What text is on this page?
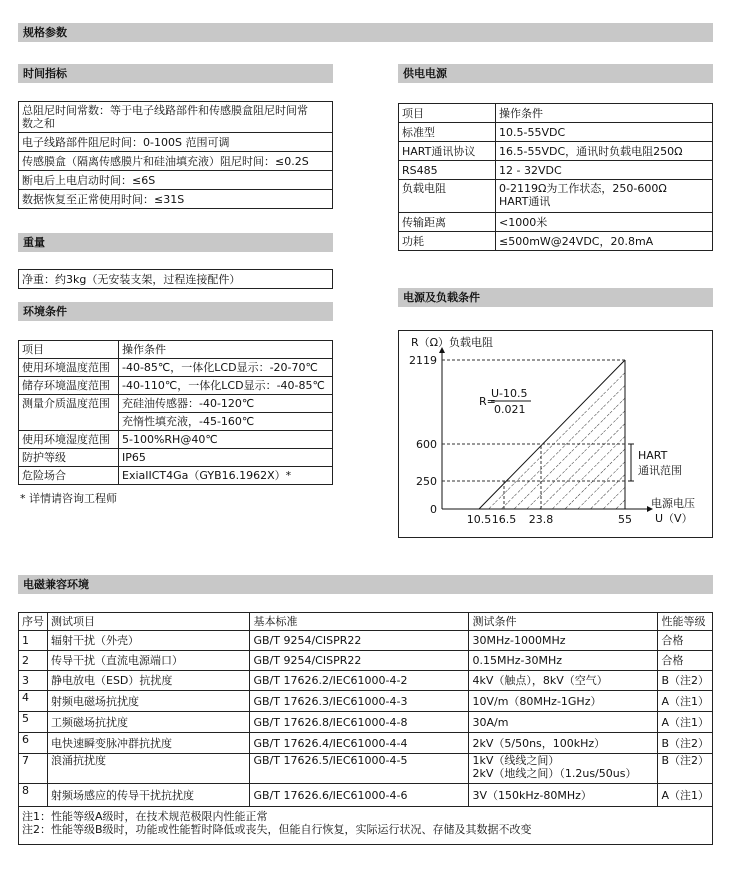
规格参数
时间指标
总阻尼时间常数：等于电子线路部件和传感膜盒阻尼时间常
数之和
电子线路部件阻尼时间：0-100S 范围可调
传感膜盒（隔离传感膜片和硅油填充液）阻尼时间：≤0.2S
断电后上电启动时间：≤6S
数据恢复至正常使用时间：≤31S
重量
净重：约3kg（无安装支架，过程连接配件）
环境条件
项目	操作条件
使用环境温度范围	-40-85℃，一体化LCD显示：-20-70℃
储存环境温度范围	-40-110℃，一体化LCD显示：-40-85℃
测量介质温度范围	充硅油传感器：-40-120℃
	充惰性填充液，-45-160℃
使用环境湿度范围	5-100%RH@40℃
防护等级	IP65
危险场合	ExiaIICT4Ga（GYB16.1962X）*
* 详情请咨询工程师
供电电源
项目	操作条件
标准型	10.5-55VDC
HART通讯协议	16.5-55VDC，通讯时负载电阻250Ω
RS485	12 - 32VDC
负载电阻	0-2119Ω为工作状态，250-600Ω
HART通讯
传输距离	<1000米
功耗	≤500mW@24VDC，20.8mA
电源及负载条件
0
250
600
2119
10.5 16.5 23.8	55
R（Ω）负载电阻
电源电压
U（V）
R=
U-10.5
0.021
HART
通讯范围
电磁兼容环境
序号	测试项目	基本标准	测试条件	性能等级
1	辐射干扰（外壳）	GB/T 9254/CISPR22	30MHz-1000MHz	合格
2	传导干扰（直流电源端口）	GB/T 9254/CISPR22	0.15MHz-30MHz	合格
3	静电放电（ESD）抗扰度	GB/T 17626.2/IEC61000-4-2	4kV（触点），8kV（空气）	B（注2）
4	射频电磁场抗扰度	GB/T 17626.3/IEC61000-4-3	10V/m（80MHz-1GHz）	A（注1）
5	工频磁场抗扰度	GB/T 17626.8/IEC61000-4-8	30A/m	A（注1）
6	电快速瞬变脉冲群抗扰度	GB/T 17626.4/IEC61000-4-4	2kV（5/50ns，100kHz）	B（注2）
7	浪涌抗扰度	GB/T 17626.5/IEC61000-4-5	1kV（线线之间）
2kV（地线之间）（1.2us/50us）	B（注2）
8	射频场感应的传导干扰抗扰度	GB/T 17626.6/IEC61000-4-6	3V（150kHz-80MHz）	A（注1）

注1：性能等级A级时，在技术规范极限内性能正常
注2：性能等级B级时，功能或性能暂时降低或丧失，但能自行恢复，实际运行状况、存储及其数据不改变				
